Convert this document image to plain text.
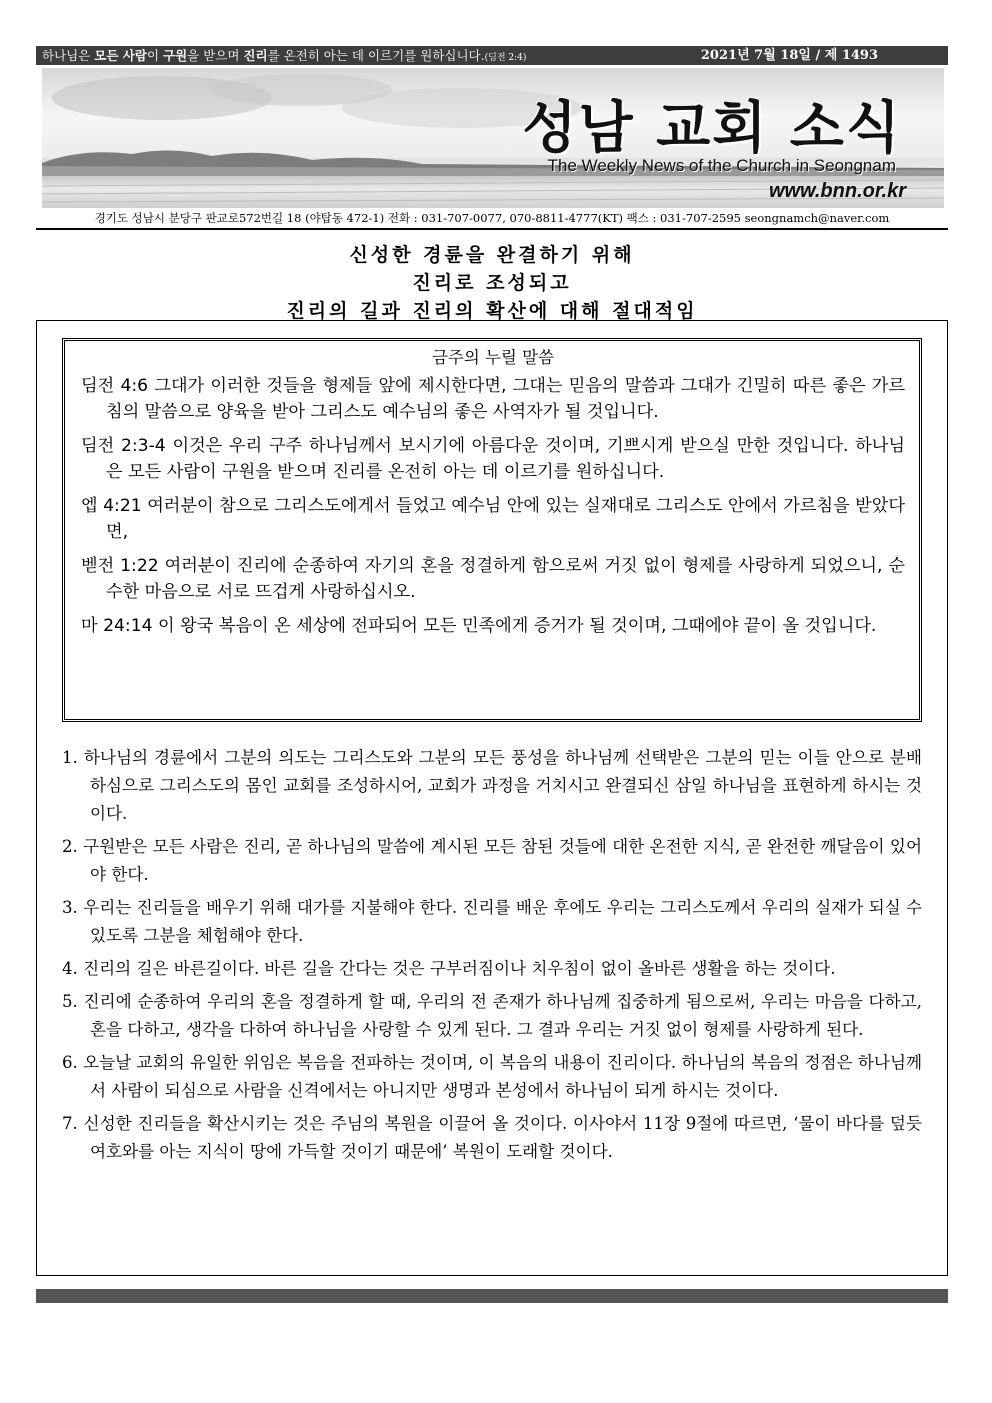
하나님은 모든 사람이 구원을 받으며 진리를 온전히 아는 데 이르기를 원하십니다.(딤전 2:4)	2021년 7월 18일 / 제 1493
성남 교회 소식
The Weekly News of the Church in Seongnam
www.bnn.or.kr
경기도 성남시 분당구 판교로572번길 18 (야탑동 472-1) 전화 : 031-707-0077, 070-8811-4777(KT) 팩스 : 031-707-2595 seongnamch@naver.com
신성한 경륜을 완결하기 위해
진리로 조성되고
진리의 길과 진리의 확산에 대해 절대적임
금주의 누릴 말씀
딤전 4:6 그대가 이러한 것들을 형제들 앞에 제시한다면, 그대는 믿음의 말씀과 그대가 긴밀히 따른 좋은 가르침의 말씀으로 양육을 받아 그리스도 예수님의 좋은 사역자가 될 것입니다.
딤전 2:3-4 이것은 우리 구주 하나님께서 보시기에 아름다운 것이며, 기쁘시게 받으실 만한 것입니다. 하나님은 모든 사람이 구원을 받으며 진리를 온전히 아는 데 이르기를 원하십니다.
엡 4:21 여러분이 참으로 그리스도에게서 들었고 예수님 안에 있는 실재대로 그리스도 안에서 가르침을 받았다면,
벧전 1:22 여러분이 진리에 순종하여 자기의 혼을 정결하게 함으로써 거짓 없이 형제를 사랑하게 되었으니, 순수한 마음으로 서로 뜨겁게 사랑하십시오.
마 24:14 이 왕국 복음이 온 세상에 전파되어 모든 민족에게 증거가 될 것이며, 그때에야 끝이 올 것입니다.
1. 하나님의 경륜에서 그분의 의도는 그리스도와 그분의 모든 풍성을 하나님께 선택받은 그분의 믿는 이들 안으로 분배하심으로 그리스도의 몸인 교회를 조성하시어, 교회가 과정을 거치시고 완결되신 삼일 하나님을 표현하게 하시는 것이다.
2. 구원받은 모든 사람은 진리, 곧 하나님의 말씀에 계시된 모든 참된 것들에 대한 온전한 지식, 곧 완전한 깨달음이 있어야 한다.
3. 우리는 진리들을 배우기 위해 대가를 지불해야 한다. 진리를 배운 후에도 우리는 그리스도께서 우리의 실재가 되실 수 있도록 그분을 체험해야 한다.
4. 진리의 길은 바른길이다. 바른 길을 간다는 것은 구부러짐이나 치우침이 없이 올바른 생활을 하는 것이다.
5. 진리에 순종하여 우리의 혼을 정결하게 할 때, 우리의 전 존재가 하나님께 집중하게 됨으로써, 우리는 마음을 다하고, 혼을 다하고, 생각을 다하여 하나님을 사랑할 수 있게 된다. 그 결과 우리는 거짓 없이 형제를 사랑하게 된다.
6. 오늘날 교회의 유일한 위임은 복음을 전파하는 것이며, 이 복음의 내용이 진리이다. 하나님의 복음의 정점은 하나님께서 사람이 되심으로 사람을 신격에서는 아니지만 생명과 본성에서 하나님이 되게 하시는 것이다.
7. 신성한 진리들을 확산시키는 것은 주님의 복원을 이끌어 올 것이다. 이사야서 11장 9절에 따르면, ‘물이 바다를 덮듯 여호와를 아는 지식이 땅에 가득할 것이기 때문에’ 복원이 도래할 것이다.
